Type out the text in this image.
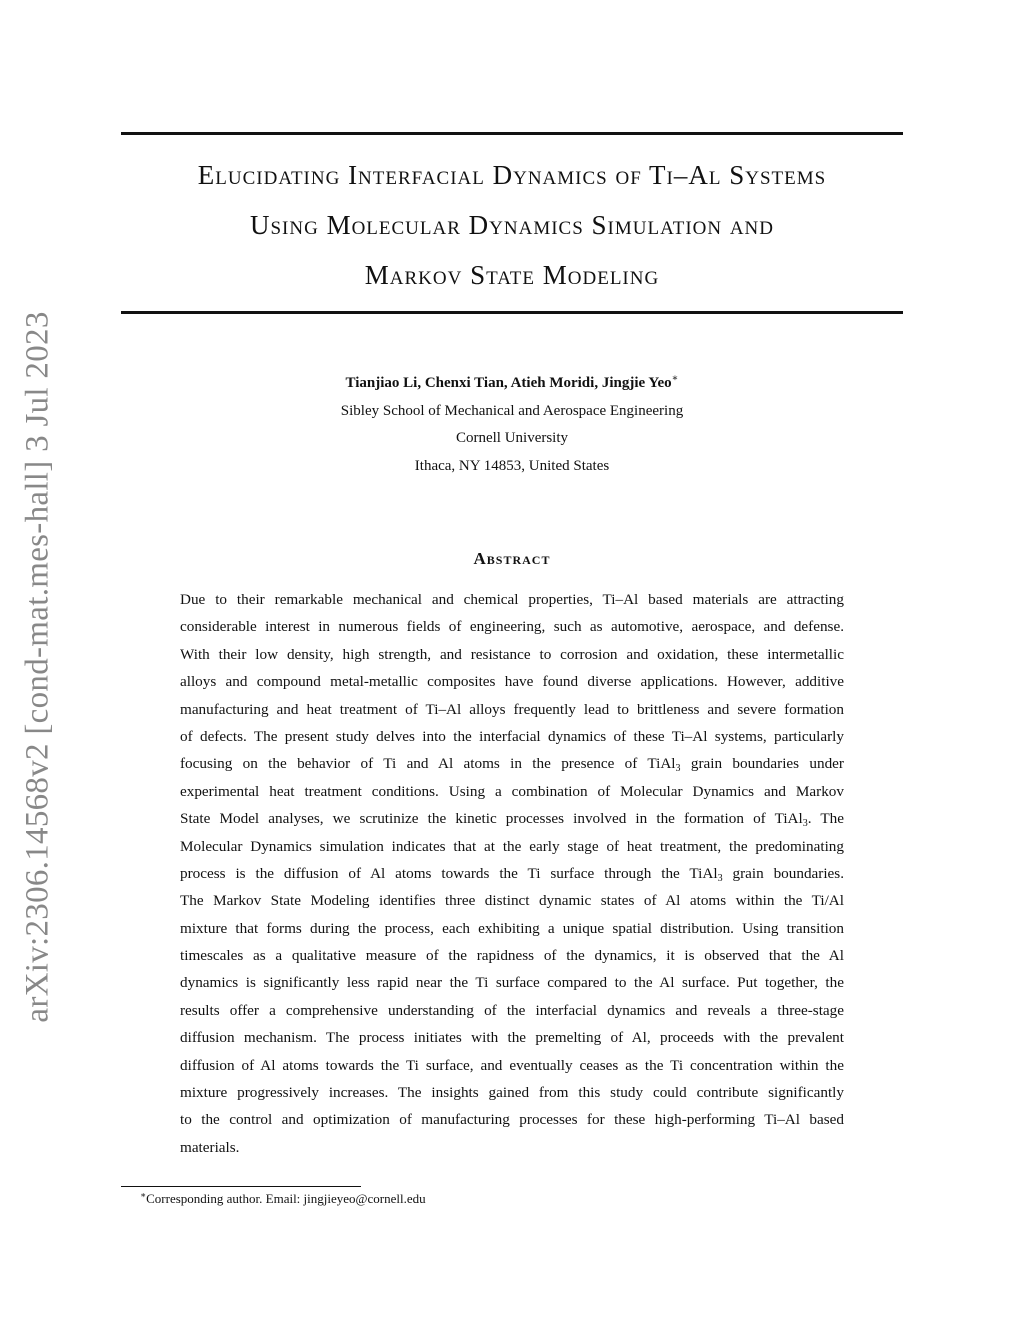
arXiv:2306.14568v2 [cond-mat.mes-hall] 3 Jul 2023
Elucidating Interfacial Dynamics of Ti–Al Systems
Using Molecular Dynamics Simulation and
Markov State Modeling
Tianjiao Li, Chenxi Tian, Atieh Moridi, Jingjie Yeo∗
Sibley School of Mechanical and Aerospace Engineering
Cornell University
Ithaca, NY 14853, United States
Abstract
Due to their remarkable mechanical and chemical properties, Ti–Al based materials are attracting
considerable interest in numerous fields of engineering, such as automotive, aerospace, and defense.
With their low density, high strength, and resistance to corrosion and oxidation, these intermetallic
alloys and compound metal-metallic composites have found diverse applications. However, additive
manufacturing and heat treatment of Ti–Al alloys frequently lead to brittleness and severe formation
of defects. The present study delves into the interfacial dynamics of these Ti–Al systems, particularly
focusing on the behavior of Ti and Al atoms in the presence of TiAl$_3$ grain boundaries under
experimental heat treatment conditions. Using a combination of Molecular Dynamics and Markov
State Model analyses, we scrutinize the kinetic processes involved in the formation of TiAl$_3$. The
Molecular Dynamics simulation indicates that at the early stage of heat treatment, the predominating
process is the diffusion of Al atoms towards the Ti surface through the TiAl$_3$ grain boundaries.
The Markov State Modeling identifies three distinct dynamic states of Al atoms within the Ti/Al
mixture that forms during the process, each exhibiting a unique spatial distribution. Using transition
timescales as a qualitative measure of the rapidness of the dynamics, it is observed that the Al
dynamics is significantly less rapid near the Ti surface compared to the Al surface. Put together, the
results offer a comprehensive understanding of the interfacial dynamics and reveals a three-stage
diffusion mechanism. The process initiates with the premelting of Al, proceeds with the prevalent
diffusion of Al atoms towards the Ti surface, and eventually ceases as the Ti concentration within the
mixture progressively increases. The insights gained from this study could contribute significantly
to the control and optimization of manufacturing processes for these high-performing Ti–Al based
materials.
∗Corresponding author. Email: jingjieyeo@cornell.edu
